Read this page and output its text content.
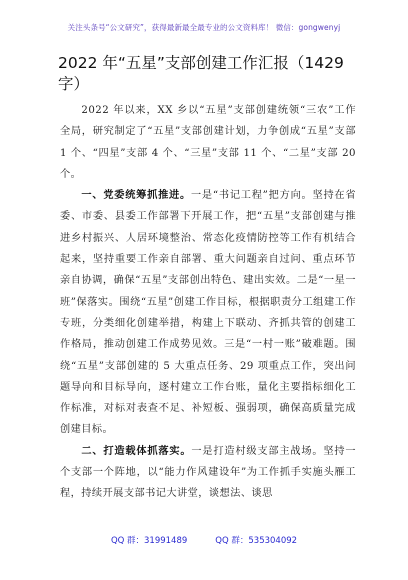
关注头条号“公文研究”，获得最新最全最专业的公文资料库！ 微信：gongwenyj
2022 年“五星”支部创建工作汇报（1429 字）

2022 年以来，XX 乡以“五星”支部创建统领“三农”工作全局，研究制定了“五星”支部创建计划，力争创成“五星”支部 1 个、“四星”支部 4 个、“三星”支部 11 个、“二星”支部 20 个。

一、党委统筹抓推进。一是“书记工程”把方向。坚持在省委、市委、县委工作部署下开展工作，把“五星”支部创建与推进乡村振兴、人居环境整治、常态化疫情防控等工作有机结合起来，坚持重要工作亲自部署、重大问题亲自过问、重点环节亲自协调，确保“五星”支部创出特色、建出实效。二是“一星一班”保落实。围绕“五星”创建工作目标，根据职责分工组建工作专班，分类细化创建举措，构建上下联动、齐抓共管的创建工作格局，推动创建工作成势见效。三是“一村一账”破难题。围绕“五星”支部创建的 5 大重点任务、29 项重点工作，突出问题导向和目标导向，逐村建立工作台账，量化主要指标细化工作标准，对标对表查不足、补短板、强弱项，确保高质量完成创建目标。

二、打造载体抓落实。一是打造村级支部主战场。坚持一个支部一个阵地，以“能力作风建设年”为工作抓手实施头雁工程，持续开展支部书记大讲堂，谈想法、谈思

QQ 群：31991489	QQ 群：535304092
